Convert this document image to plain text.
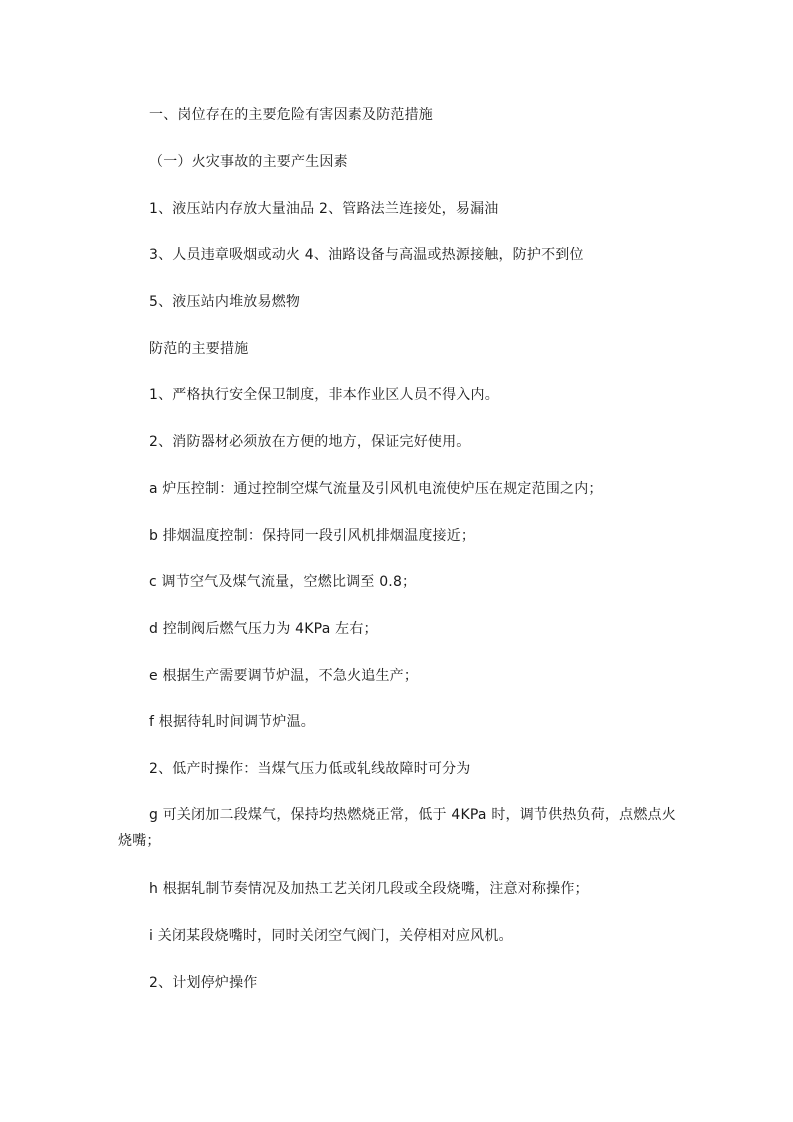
一、岗位存在的主要危险有害因素及防范措施
（一）火灾事故的主要产生因素
1、液压站内存放大量油品 2、管路法兰连接处，易漏油
3、人员违章吸烟或动火 4、油路设备与高温或热源接触，防护不到位
5、液压站内堆放易燃物
防范的主要措施
1、严格执行安全保卫制度，非本作业区人员不得入内。
2、消防器材必须放在方便的地方，保证完好使用。
a 炉压控制：通过控制空煤气流量及引风机电流使炉压在规定范围之内；
b 排烟温度控制：保持同一段引风机排烟温度接近；
c 调节空气及煤气流量，空燃比调至 0.8；
d 控制阀后燃气压力为 4KPa 左右；
e 根据生产需要调节炉温，不急火追生产；
f 根据待轧时间调节炉温。
2、低产时操作：当煤气压力低或轧线故障时可分为
g 可关闭加二段煤气，保持均热燃烧正常，低于 4KPa 时，调节供热负荷，点燃点火烧嘴；
h 根据轧制节奏情况及加热工艺关闭几段或全段烧嘴，注意对称操作；
i 关闭某段烧嘴时，同时关闭空气阀门，关停相对应风机。
2、计划停炉操作
